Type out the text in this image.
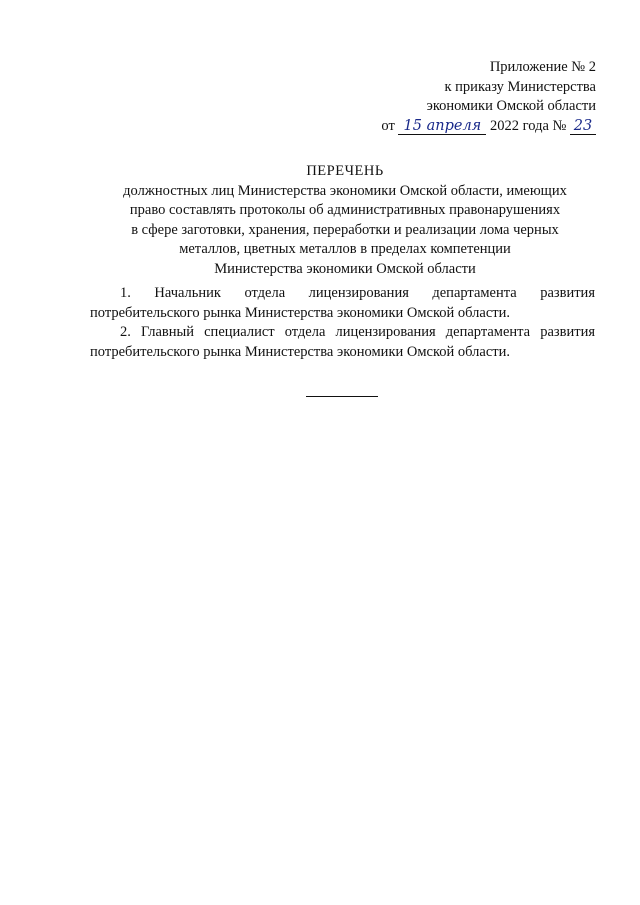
Приложение № 2
к приказу Министерства
экономики Омской области
от 15 апреля 2022 года № 23
ПЕРЕЧЕНЬ
должностных лиц Министерства экономики Омской области, имеющих
право составлять протоколы об административных правонарушениях
в сфере заготовки, хранения, переработки и реализации лома черных
металлов, цветных металлов в пределах компетенции
Министерства экономики Омской области

1. Начальник отдела лицензирования департамента развития потребительского рынка Министерства экономики Омской области.

2. Главный специалист отдела лицензирования департамента развития потребительского рынка Министерства экономики Омской области.
